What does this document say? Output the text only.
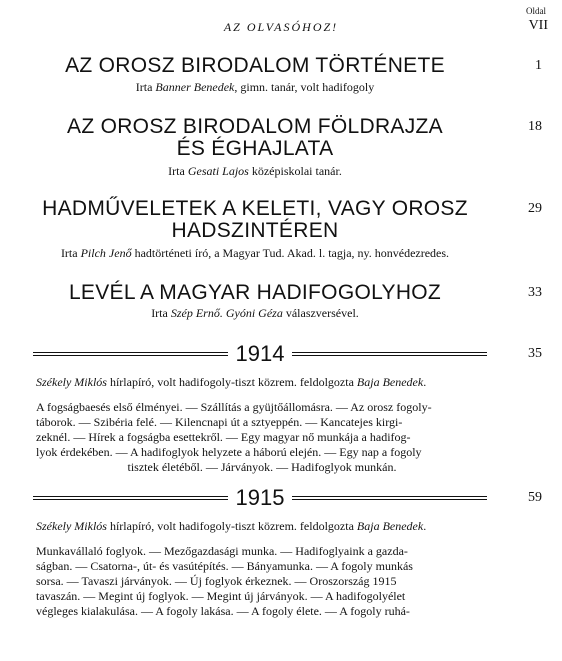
Oldal
VII
AZ OLVASÓHOZ!
AZ OROSZ BIRODALOM TÖRTÉNETE
Irta Banner Benedek, gimn. tanár, volt hadifogoly
1
AZ OROSZ BIRODALOM FÖLDRAJZA
ÉS ÉGHAJLATA
Irta Gesati Lajos középiskolai tanár.
18
HADMŰVELETEK A KELETI, VAGY OROSZ
HADSZINTÉREN
Irta Pilch Jenő hadtörténeti író, a Magyar Tud. Akad. l. tagja, ny. honvédezredes.
29
LEVÉL A MAGYAR HADIFOGOLYHOZ
Irta Szép Ernő. Gyóni Géza válaszversével.
33
1914	35
Székely Miklós hírlapíró, volt hadifogoly-tiszt közrem. feldolgozta Baja Benedek.
A fogságbaesés első élményei. — Szállítás a gyüjtőállomásra. — Az orosz fogoly-
táborok. — Szibéria felé. — Kilencnapi út a sztyeppén. — Kancatejes kirgi-
zeknél. — Hírek a fogságba esettekről. — Egy magyar nő munkája a hadifog-
lyok érdekében. — A hadifoglyok helyzete a háború elején. — Egy nap a fogoly
tisztek életéből. — Járványok. — Hadifoglyok munkán.
1915	59
Székely Miklós hírlapíró, volt hadifogoly-tiszt közrem. feldolgozta Baja Benedek.
Munkavállaló foglyok. — Mezőgazdasági munka. — Hadifoglyaink a gazda-
ságban. — Csatorna-, út- és vasútépítés. — Bányamunka. — A fogoly munkás
sorsa. — Tavaszi járványok. — Új foglyok érkeznek. — Oroszország 1915
tavaszán. — Megint új foglyok. — Megint új járványok. — A hadifogolyélet
végleges kialakulása. — A fogoly lakása. — A fogoly élete. — A fogoly ruhá-
